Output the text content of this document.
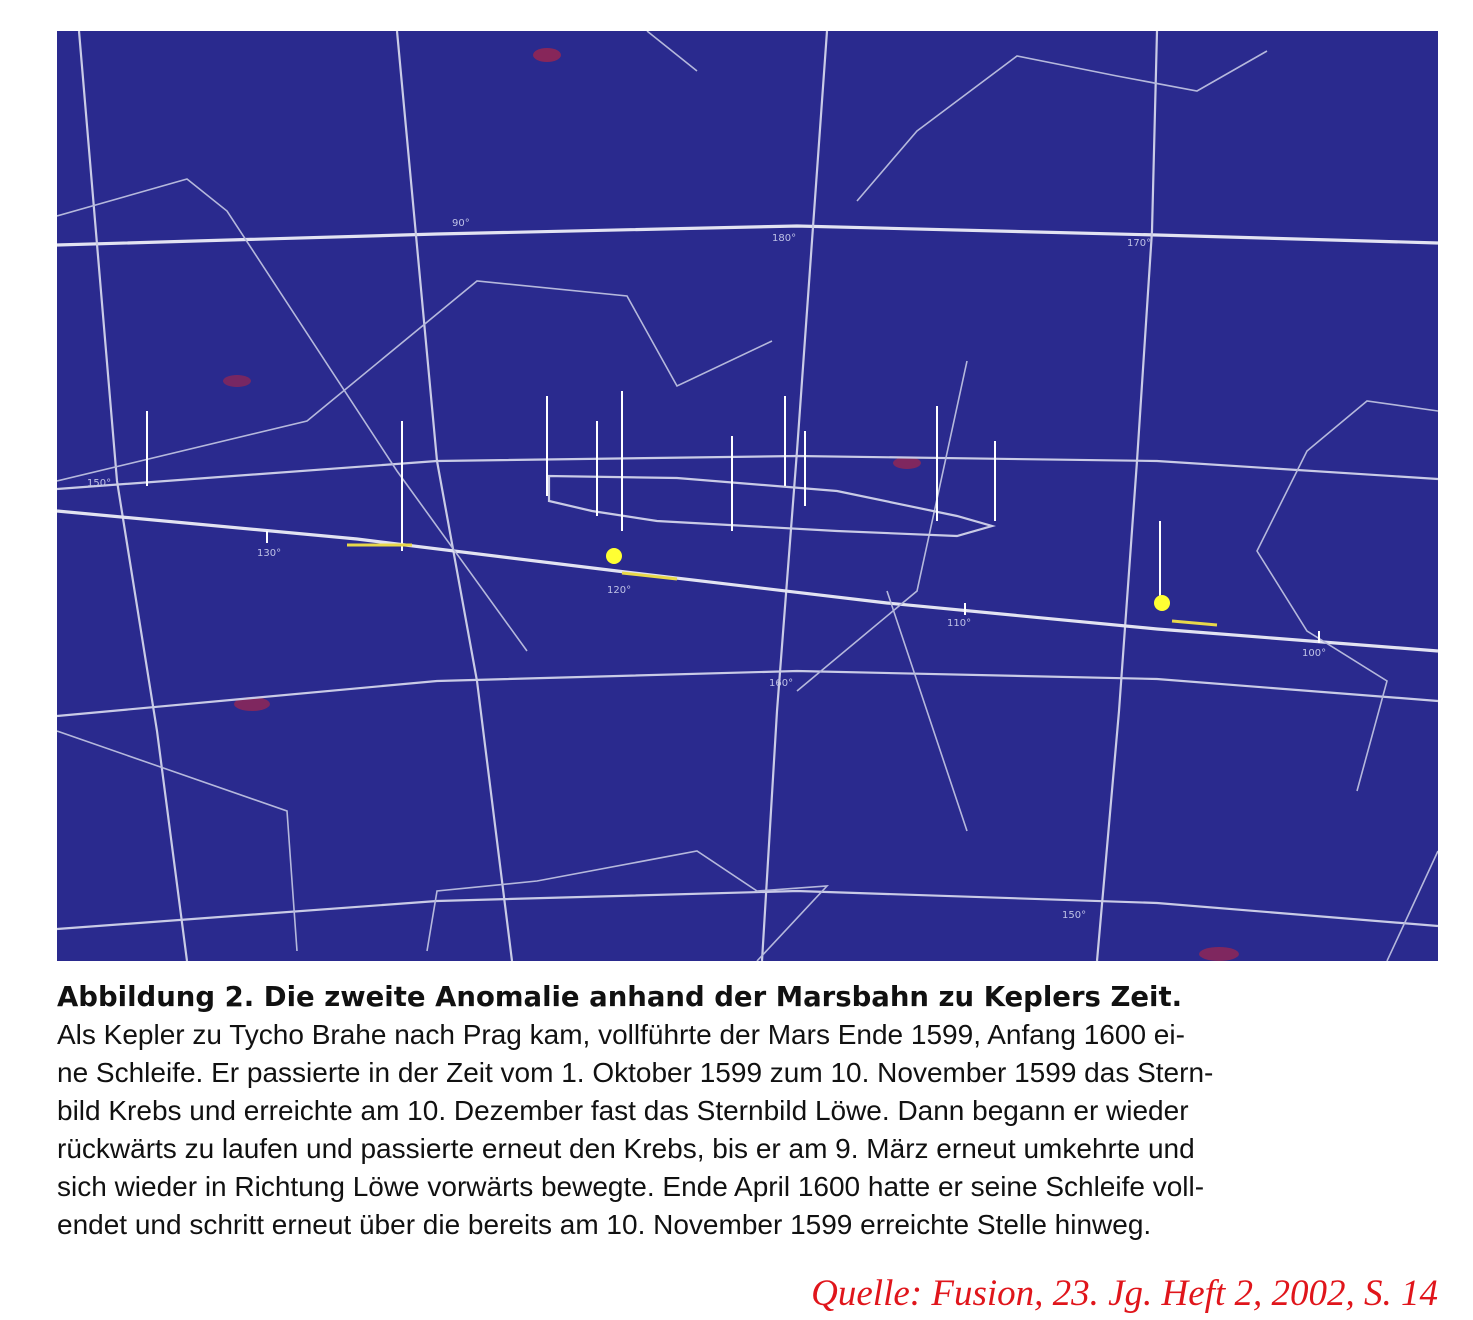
150°
130°
120°
110°
100°
90°
180°	170°
160°
150°
Abbildung 2. Die zweite Anomalie anhand der Marsbahn zu Keplers Zeit.
Als Kepler zu Tycho Brahe nach Prag kam, vollführte der Mars Ende 1599, Anfang 1600 ei-
ne Schleife. Er passierte in der Zeit vom 1. Oktober 1599 zum 10. November 1599 das Stern-
bild Krebs und erreichte am 10. Dezember fast das Sternbild Löwe. Dann begann er wieder
rückwärts zu laufen und passierte erneut den Krebs, bis er am 9. März erneut umkehrte und
sich wieder in Richtung Löwe vorwärts bewegte. Ende April 1600 hatte er seine Schleife voll-
endet und schritt erneut über die bereits am 10. November 1599 erreichte Stelle hinweg.
Quelle: Fusion, 23. Jg. Heft 2, 2002, S. 14
